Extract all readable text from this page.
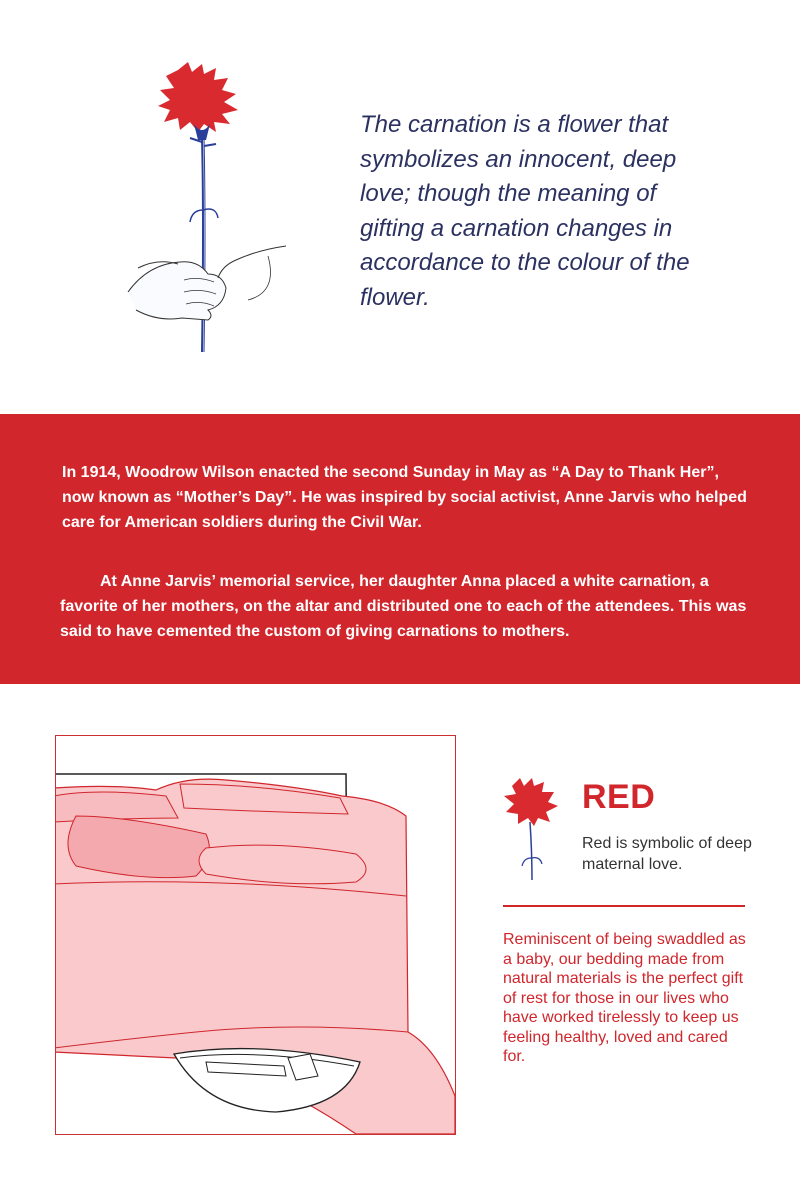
The carnation is a flower that symbolizes an innocent, deep love; though the meaning of gifting a carnation changes in accordance to the colour of the flower.

In 1914, Woodrow Wilson enacted the second Sunday in May as “A Day to Thank Her”, now known as “Mother’s Day”. He was inspired by social activist, Anne Jarvis who helped care for American soldiers during the Civil War.

At Anne Jarvis’ memorial service, her daughter Anna placed a white carnation, a favorite of her mothers, on the altar and distributed one to each of the attendees. This was said to have cemented the custom of giving carnations to mothers.

RED

Red is symbolic of deep maternal love.

Reminiscent of being swaddled as a baby, our bedding made from natural materials is the perfect gift of rest for those in our lives who have worked tirelessly to keep us feeling healthy, loved and cared for.
